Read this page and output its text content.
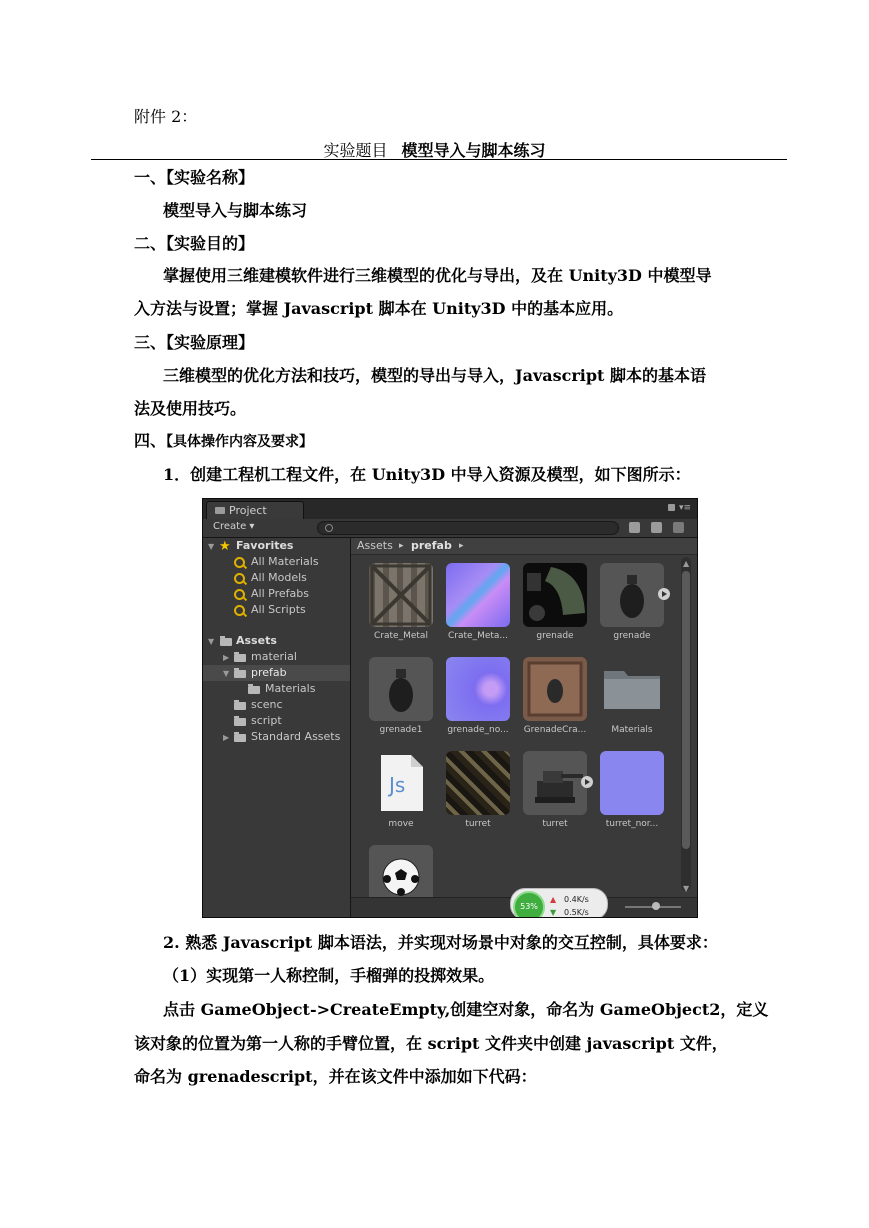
附件 2：
实验题目 模型导入与脚本练习
一、【实验名称】
模型导入与脚本练习
二、【实验目的】
掌握使用三维建模软件进行三维模型的优化与导出，及在 Unity3D 中模型导
入方法与设置；掌握 Javascript 脚本在 Unity3D 中的基本应用。
三、【实验原理】
三维模型的优化方法和技巧，模型的导出与导入，Javascript 脚本的基本语
法及使用技巧。
四、【具体操作内容及要求】
1．创建工程机工程文件，在 Unity3D 中导入资源及模型，如下图所示：
Project	▾≡
Create ▾
▼ ★ Favorites
All Materials
All Models
All Prefabs
All Scripts
▼ Assets
▶ material
▼ prefab
Materials
scenc
script
▶ Standard Assets
Assets ▸ prefab ▸
Crate_Metal	Crate_Meta...	grenade	grenade
grenade1	grenade_no...	GrenadeCra...	Materials
Js
move	turret	turret	turret_nor...
▲
▼
53%
▲ 0.4K/s
▼ 0.5K/s
2. 熟悉 Javascript 脚本语法，并实现对场景中对象的交互控制，具体要求：
（1）实现第一人称控制，手榴弹的投掷效果。
点击 GameObject->CreateEmpty,创建空对象，命名为 GameObject2，定义
该对象的位置为第一人称的手臂位置，在 script 文件夹中创建 javascript 文件，
命名为 grenadescript，并在该文件中添加如下代码：
